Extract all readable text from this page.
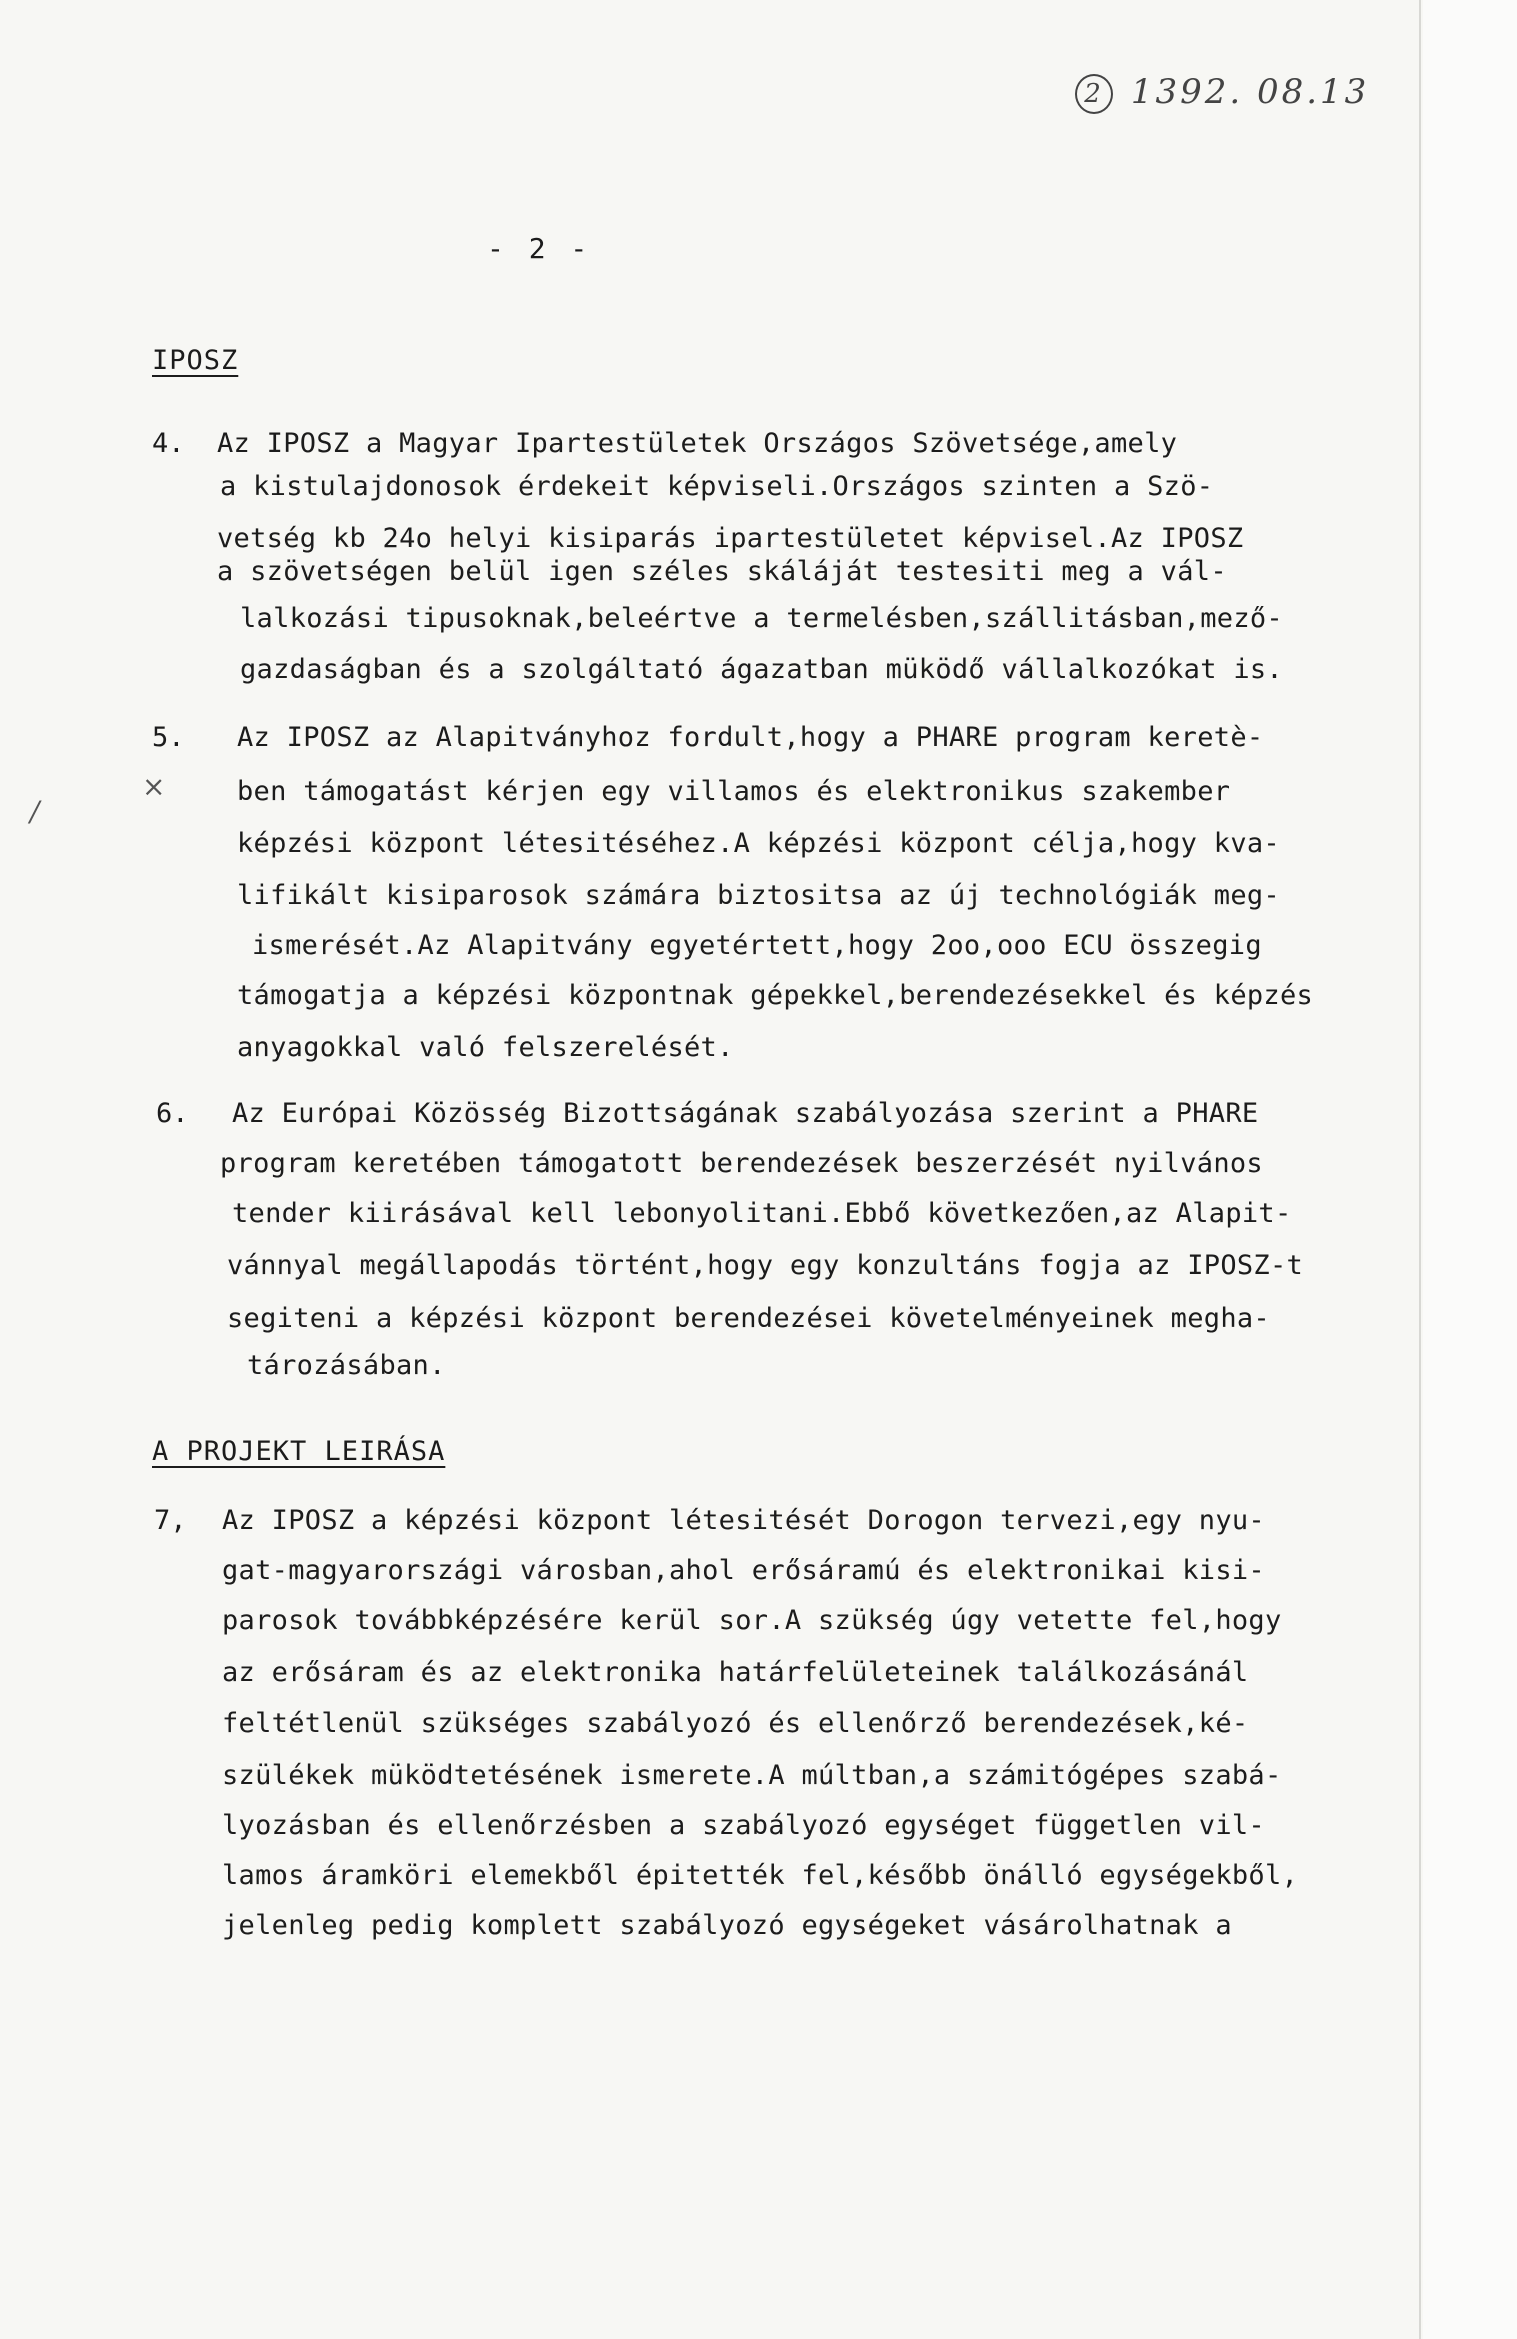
2 1392. 08.13
- 2 -
IPOSZ
4. Az IPOSZ a Magyar Ipartestületek Országos Szövetsége,amely
a kistulajdonosok érdekeit képviseli.Országos szinten a Szö-
vetség kb 24o helyi kisiparás ipartestületet képvisel.Az IPOSZ
a szövetségen belül igen széles skáláját testesiti meg a vál-
lalkozási tipusoknak,beleértve a termelésben,szállitásban,mező-
gazdaságban és a szolgáltató ágazatban müködő vállalkozókat is.
×
/
5. Az IPOSZ az Alapitványhoz fordult,hogy a PHARE program keretè-
ben támogatást kérjen egy villamos és elektronikus szakember
képzési központ létesitéséhez.A képzési központ célja,hogy kva-
lifikált kisiparosok számára biztositsa az új technológiák meg-
ismerését.Az Alapitvány egyetértett,hogy 2oo,ooo ECU összegig
támogatja a képzési központnak gépekkel,berendezésekkel és képzés
anyagokkal való felszerelését.
6. Az Európai Közösség Bizottságának szabályozása szerint a PHARE
program keretében támogatott berendezések beszerzését nyilvános
tender kiirásával kell lebonyolitani.Ebbő következően,az Alapit-
vánnyal megállapodás történt,hogy egy konzultáns fogja az IPOSZ-t
segiteni a képzési központ berendezései követelményeinek megha-
tározásában.
A PROJEKT LEIRÁSA
7, Az IPOSZ a képzési központ létesitését Dorogon tervezi,egy nyu-
gat-magyarországi városban,ahol erősáramú és elektronikai kisi-
parosok továbbképzésére kerül sor.A szükség úgy vetette fel,hogy
az erősáram és az elektronika határfelületeinek találkozásánál
feltétlenül szükséges szabályozó és ellenőrző berendezések,ké-
szülékek müködtetésének ismerete.A múltban,a számitógépes szabá-
lyozásban és ellenőrzésben a szabályozó egységet független vil-
lamos áramköri elemekből épitették fel,később önálló egységekből,
jelenleg pedig komplett szabályozó egységeket vásárolhatnak a
